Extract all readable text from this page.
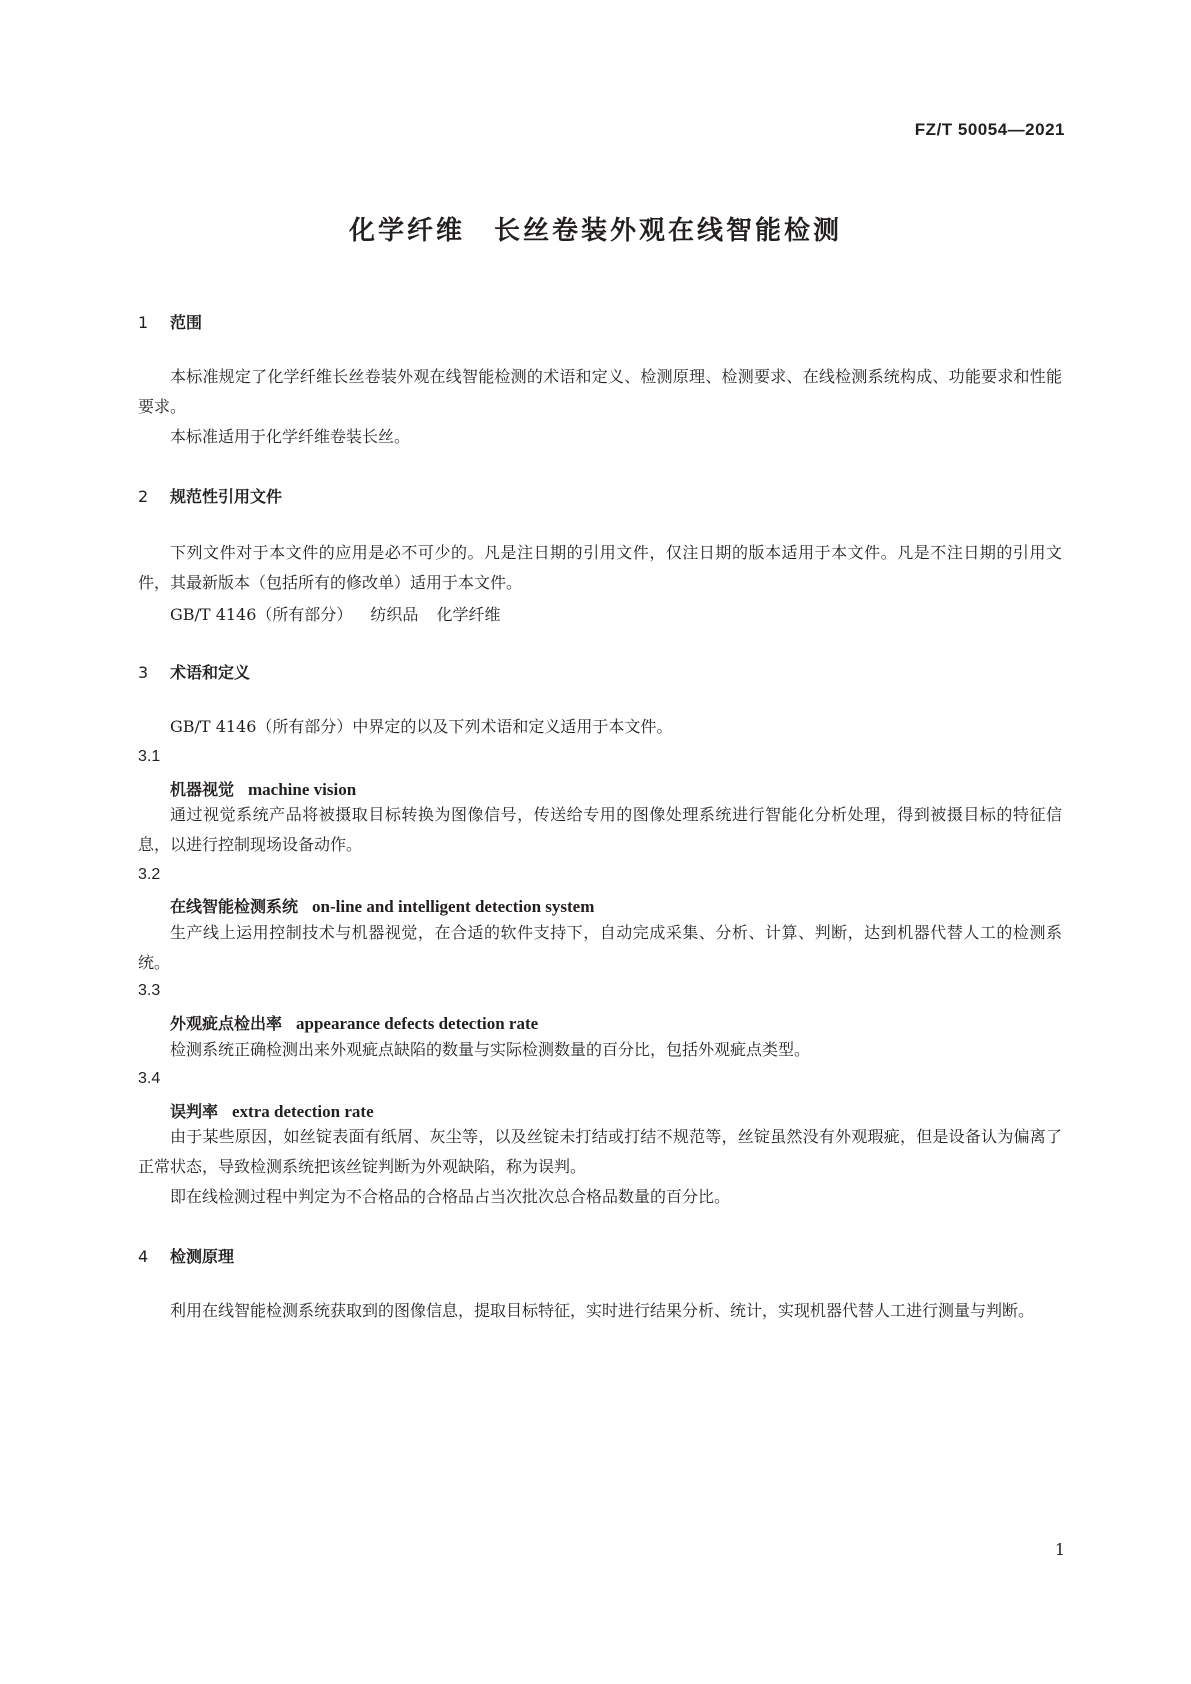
FZ/T 50054—2021
化学纤维　长丝卷装外观在线智能检测
1 范围

本标准规定了化学纤维长丝卷装外观在线智能检测的术语和定义、检测原理、检测要求、在线检测系统构成、功能要求和性能要求。

本标准适用于化学纤维卷装长丝。

2 规范性引用文件

下列文件对于本文件的应用是必不可少的。凡是注日期的引用文件，仅注日期的版本适用于本文件。凡是不注日期的引用文件，其最新版本（包括所有的修改单）适用于本文件。

GB/T 4146（所有部分） 纺织品 化学纤维
3 术语和定义

GB/T 4146（所有部分）中界定的以及下列术语和定义适用于本文件。

3.1
机器视觉 machine vision

通过视觉系统产品将被摄取目标转换为图像信号，传送给专用的图像处理系统进行智能化分析处理，得到被摄目标的特征信息，以进行控制现场设备动作。

3.2
在线智能检测系统 on-line and intelligent detection system

生产线上运用控制技术与机器视觉，在合适的软件支持下，自动完成采集、分析、计算、判断，达到机器代替人工的检测系统。

3.3
外观疵点检出率 appearance defects detection rate

检测系统正确检测出来外观疵点缺陷的数量与实际检测数量的百分比，包括外观疵点类型。

3.4
误判率 extra detection rate

由于某些原因，如丝锭表面有纸屑、灰尘等，以及丝锭未打结或打结不规范等，丝锭虽然没有外观瑕疵，但是设备认为偏离了正常状态，导致检测系统把该丝锭判断为外观缺陷，称为误判。

即在线检测过程中判定为不合格品的合格品占当次批次总合格品数量的百分比。

4 检测原理

利用在线智能检测系统获取到的图像信息，提取目标特征，实时进行结果分析、统计，实现机器代替人工进行测量与判断。

1
